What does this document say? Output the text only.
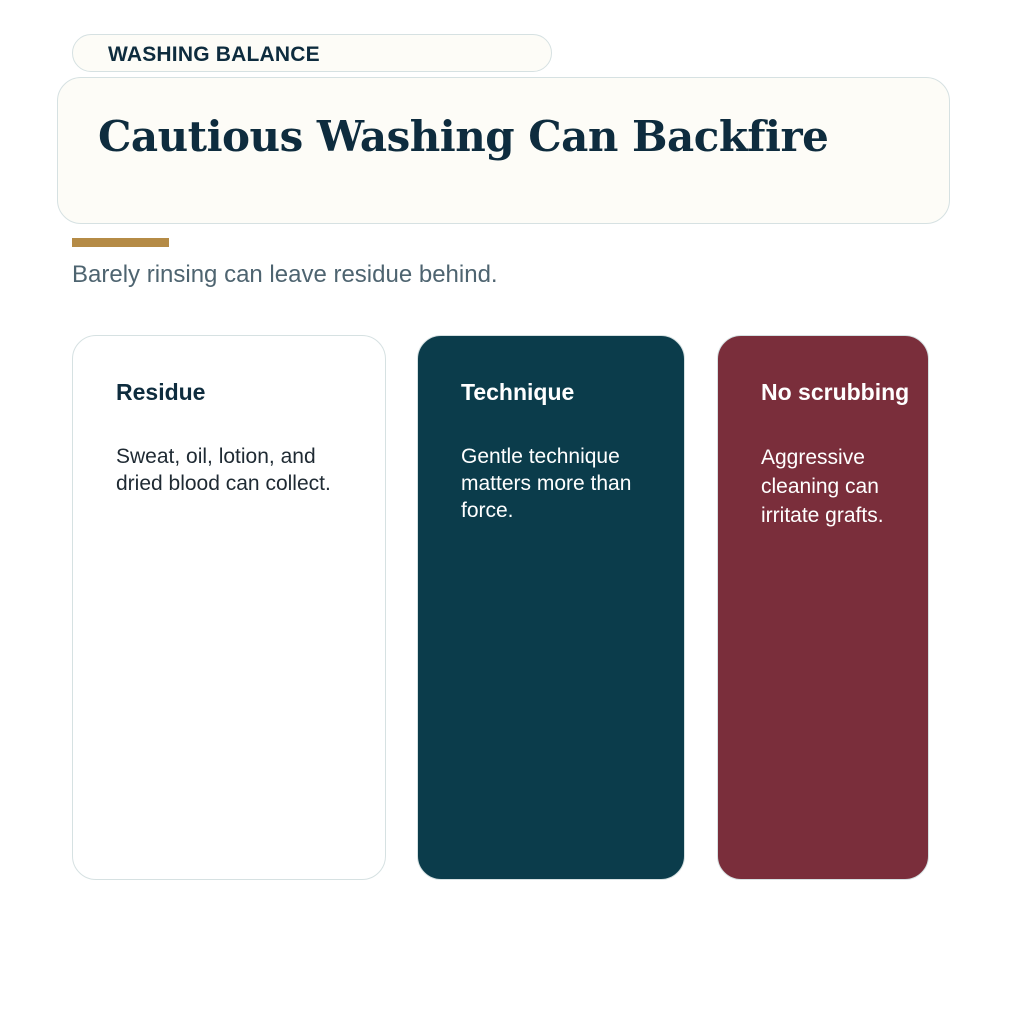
WASHING BALANCE
Cautious Washing Can Backfire
Barely rinsing can leave residue behind.
Residue

Sweat, oil, lotion, and dried blood can collect.

Technique

Gentle technique matters more than force.

No scrubbing

Aggressive cleaning can irritate grafts.
